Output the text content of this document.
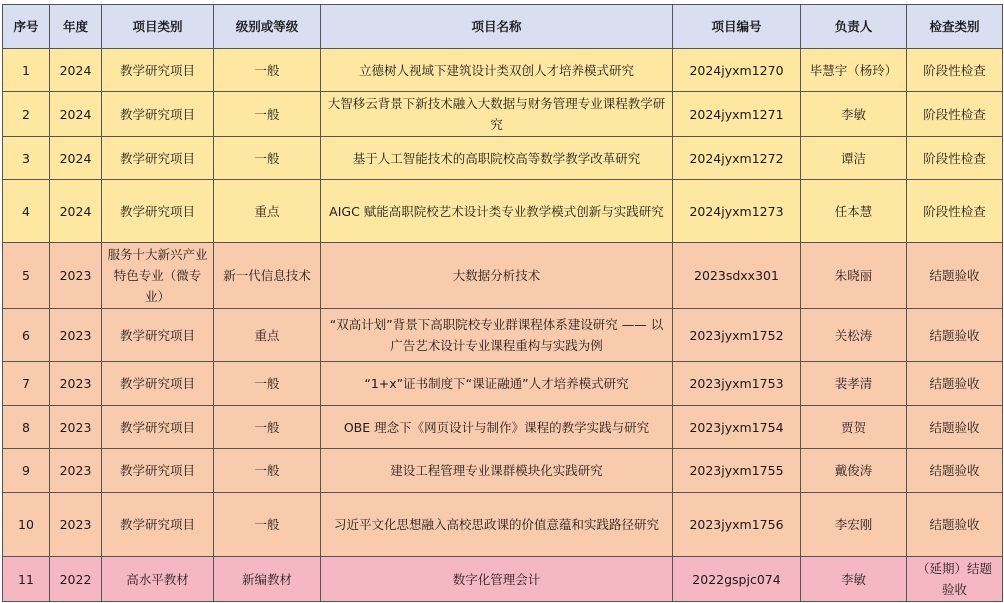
序号	年度	项目类别	级别或等级	项目名称	项目编号	负责人	检查类别
1	2024	教学研究项目	一般	立德树人视域下建筑设计类双创人才培养模式研究	2024jyxm1270	毕慧宇（杨玲）	阶段性检查
2	2024	教学研究项目	一般	大智移云背景下新技术融入大数据与财务管理专业课程教学研究	2024jyxm1271	李敏	阶段性检查
3	2024	教学研究项目	一般	基于人工智能技术的高职院校高等数学教学改革研究	2024jyxm1272	谭洁	阶段性检查
4	2024	教学研究项目	重点	AIGC 赋能高职院校艺术设计类专业教学模式创新与实践研究	2024jyxm1273	任本慧	阶段性检查
5	2023	服务十大新兴产业特色专业（微专业）	新一代信息技术	大数据分析技术	2023sdxx301	朱晓丽	结题验收
6	2023	教学研究项目	重点	“双高计划”背景下高职院校专业群课程体系建设研究 —— 以广告艺术设计专业课程重构与实践为例	2023jyxm1752	关松涛	结题验收
7	2023	教学研究项目	一般	“1+x”证书制度下“课证融通”人才培养模式研究	2023jyxm1753	裴孝清	结题验收
8	2023	教学研究项目	一般	OBE 理念下《网页设计与制作》课程的教学实践与研究	2023jyxm1754	贾贺	结题验收
9	2023	教学研究项目	一般	建设工程管理专业课群模块化实践研究	2023jyxm1755	戴俊涛	结题验收
10	2023	教学研究项目	一般	习近平文化思想融入高校思政课的价值意蕴和实践路径研究	2023jyxm1756	李宏刚	结题验收
11	2022	高水平教材	新编教材	数字化管理会计	2022gspjc074	李敏	（延期）结题验收
